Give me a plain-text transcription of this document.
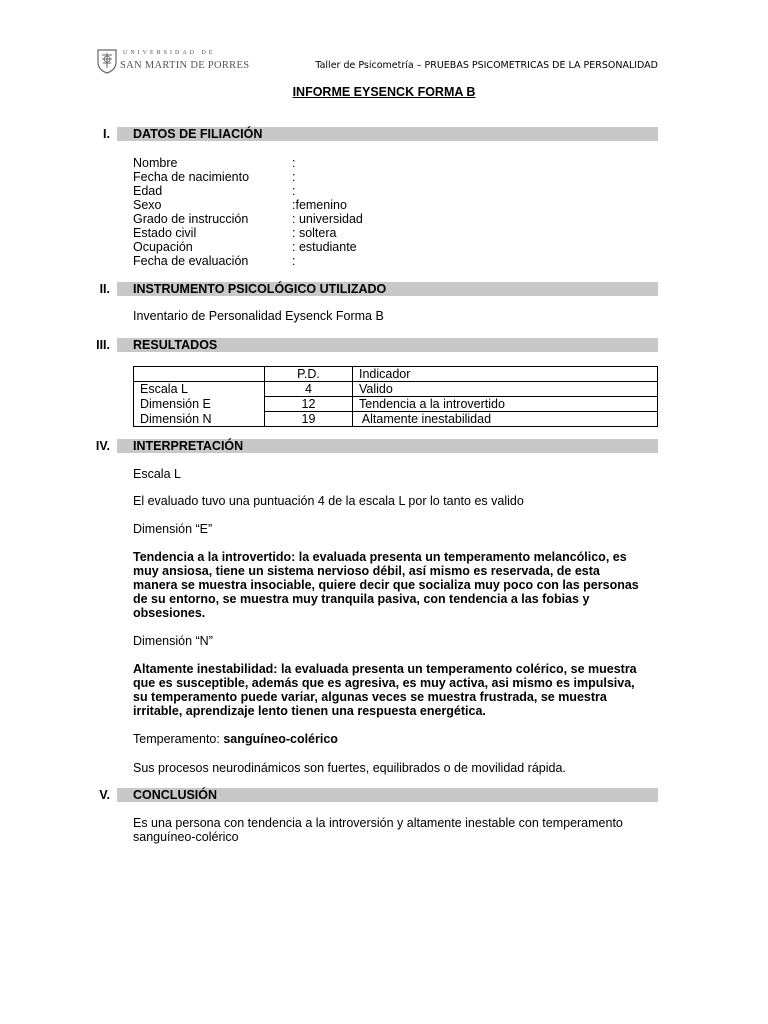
UNIVERSIDAD DE
SAN MARTIN DE PORRES	Taller de Psicometría – PRUEBAS PSICOMETRICAS DE LA PERSONALIDAD
INFORME EYSENCK FORMA B
I. DATOS DE FILIACIÓN
Nombre	:
Fecha de nacimiento	:
Edad	:
Sexo	:femenino
Grado de instrucción	: universidad
Estado civil	: soltera
Ocupación	: estudiante
Fecha de evaluación	:
II. INSTRUMENTO PSICOLÓGICO UTILIZADO
Inventario de Personalidad Eysenck Forma B
III. RESULTADOS
	P.D.	Indicador
Escala L	4	Valido
Dimensión E	12	Tendencia a la introvertido
Dimensión N	19	Altamente inestabilidad
IV. INTERPRETACIÓN
Escala L
El evaluado tuvo una puntuación 4 de la escala L por lo tanto es valido
Dimensión “E”
Tendencia a la introvertido: la evaluada presenta un temperamento melancólico, es
muy ansiosa, tiene un sistema nervioso débil, así mismo es reservada, de esta
manera se muestra insociable, quiere decir que socializa muy poco con las personas
de su entorno, se muestra muy tranquila pasiva, con tendencia a las fobias y
obsesiones.
Dimensión “N”
Altamente inestabilidad: la evaluada presenta un temperamento colérico, se muestra
que es susceptible, además que es agresiva, es muy activa, asi mismo es impulsiva,
su temperamento puede variar, algunas veces se muestra frustrada, se muestra
irritable, aprendizaje lento tienen una respuesta energética.
Temperamento: sanguíneo-colérico
Sus procesos neurodinámicos son fuertes, equilibrados o de movilidad rápida.
V. CONCLUSIÓN
Es una persona con tendencia a la introversión y altamente inestable con temperamento
sanguíneo-colérico
